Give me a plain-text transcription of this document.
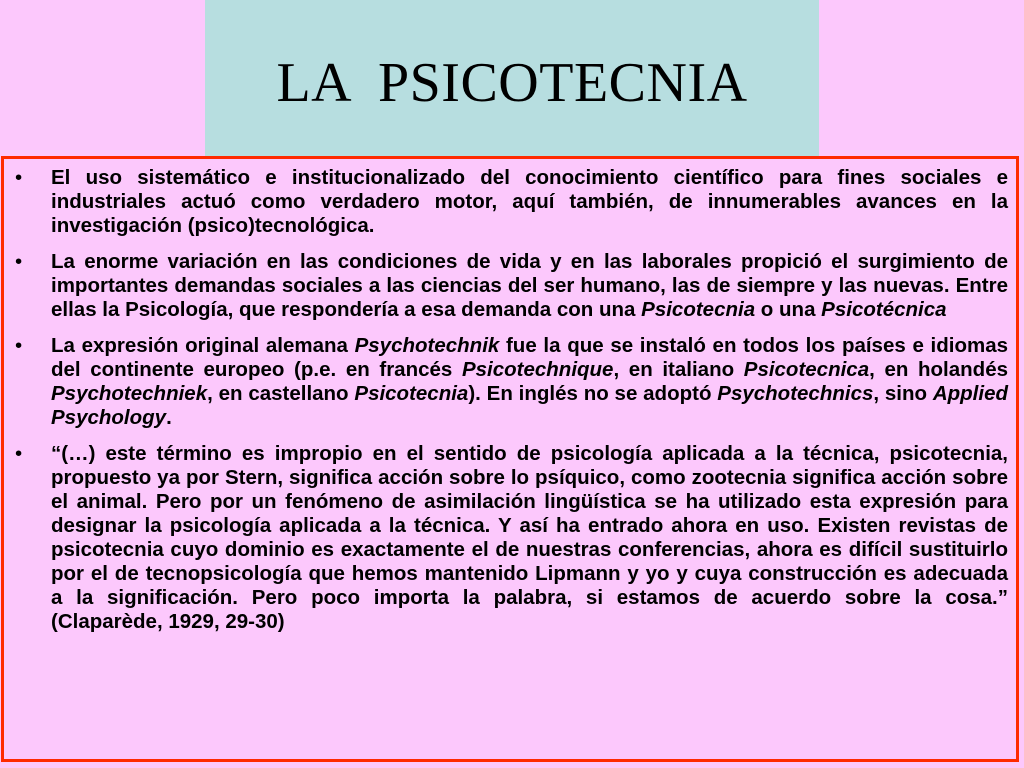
LA  PSICOTECNIA
• El uso sistemático e institucionalizado del conocimiento científico para fines sociales e industriales actuó como verdadero motor, aquí también, de innumerables avances en la investigación (psico)tecnológica.
• La enorme variación en las condiciones de vida y en las laborales propició el surgimiento de importantes demandas sociales a las ciencias del ser humano, las de siempre y las nuevas. Entre ellas la Psicología, que respondería a esa demanda con una Psicotecnia o una Psicotécnica
• La expresión original alemana Psychotechnik fue la que se instaló en todos los países e idiomas del continente europeo (p.e. en francés Psicotechnique, en italiano Psicotecnica, en holandés Psychotechniek, en castellano Psicotecnia). En inglés no se adoptó Psychotechnics, sino Applied Psychology.
• “(…) este término es impropio en el sentido de psicología aplicada a la técnica, psicotecnia, propuesto ya por Stern, significa acción sobre lo psíquico, como zootecnia significa acción sobre el animal. Pero por un fenómeno de asimilación lingüística se ha utilizado esta expresión para designar la psicología aplicada a la técnica. Y así ha entrado ahora en uso. Existen revistas de psicotecnia cuyo dominio es exactamente el de nuestras conferencias, ahora es difícil sustituirlo por el de tecnopsicología que hemos mantenido Lipmann y yo y cuya construcción es adecuada a la significación. Pero poco importa la palabra, si estamos de acuerdo sobre la cosa.” (Claparède, 1929, 29-30)
